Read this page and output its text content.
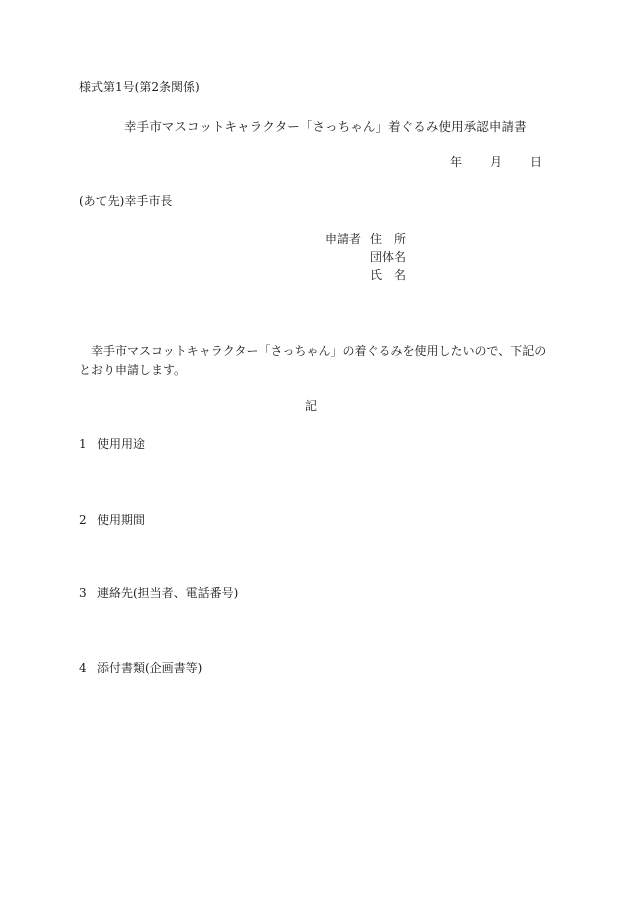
様式第1号(第2条関係)
幸手市マスコットキャラクター「さっちゃん」着ぐるみ使用承認申請書
年 月 日
(あて先)幸手市長
申請者 住　所
団体名
氏　名
幸手市マスコットキャラクター「さっちゃん」の着ぐるみを使用したいので、下記のとおり申請します。
記
1 使用用途
2 使用期間
3 連絡先(担当者、電話番号)
4 添付書類(企画書等)
